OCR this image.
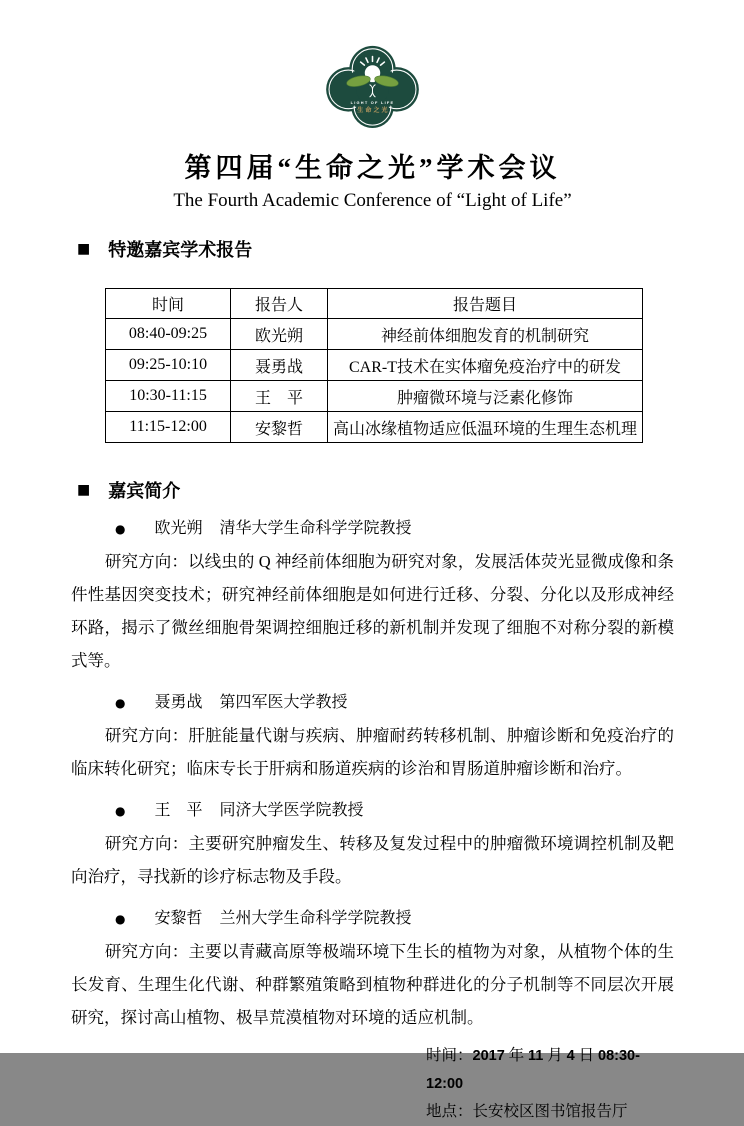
LIGHT OF LIFE
生命之光
第四届“生命之光”学术会议
The Fourth Academic Conference of “Light of Life”
■ 特邀嘉宾学术报告
时间	报告人	报告题目
08:40-09:25	欧光朔	神经前体细胞发育的机制研究
09:25-10:10	聂勇战	CAR-T技术在实体瘤免疫治疗中的研发
10:30-11:15	王　平	肿瘤微环境与泛素化修饰
11:15-12:00	安黎哲	高山冰缘植物适应低温环境的生理生态机理
■ 嘉宾简介
● 欧光朔 清华大学生命科学学院教授

研究方向：以线虫的 Q 神经前体细胞为研究对象，发展活体荧光显微成像和条件性基因突变技术；研究神经前体细胞是如何进行迁移、分裂、分化以及形成神经环路，揭示了微丝细胞骨架调控细胞迁移的新机制并发现了细胞不对称分裂的新模式等。

● 聂勇战 第四军医大学教授

研究方向：肝脏能量代谢与疾病、肿瘤耐药转移机制、肿瘤诊断和免疫治疗的临床转化研究；临床专长于肝病和肠道疾病的诊治和胃肠道肿瘤诊断和治疗。

● 王　平 同济大学医学院教授

研究方向：主要研究肿瘤发生、转移及复发过程中的肿瘤微环境调控机制及靶向治疗，寻找新的诊疗标志物及手段。

● 安黎哲 兰州大学生命科学学院教授

研究方向：主要以青藏高原等极端环境下生长的植物为对象，从植物个体的生长发育、生理生化代谢、种群繁殖策略到植物种群进化的分子机制等不同层次开展研究，探讨高山植物、极旱荒漠植物对环境的适应机制。

时间：2017 年 11 月 4 日 08:30-12:00
地点：长安校区图书馆报告厅
